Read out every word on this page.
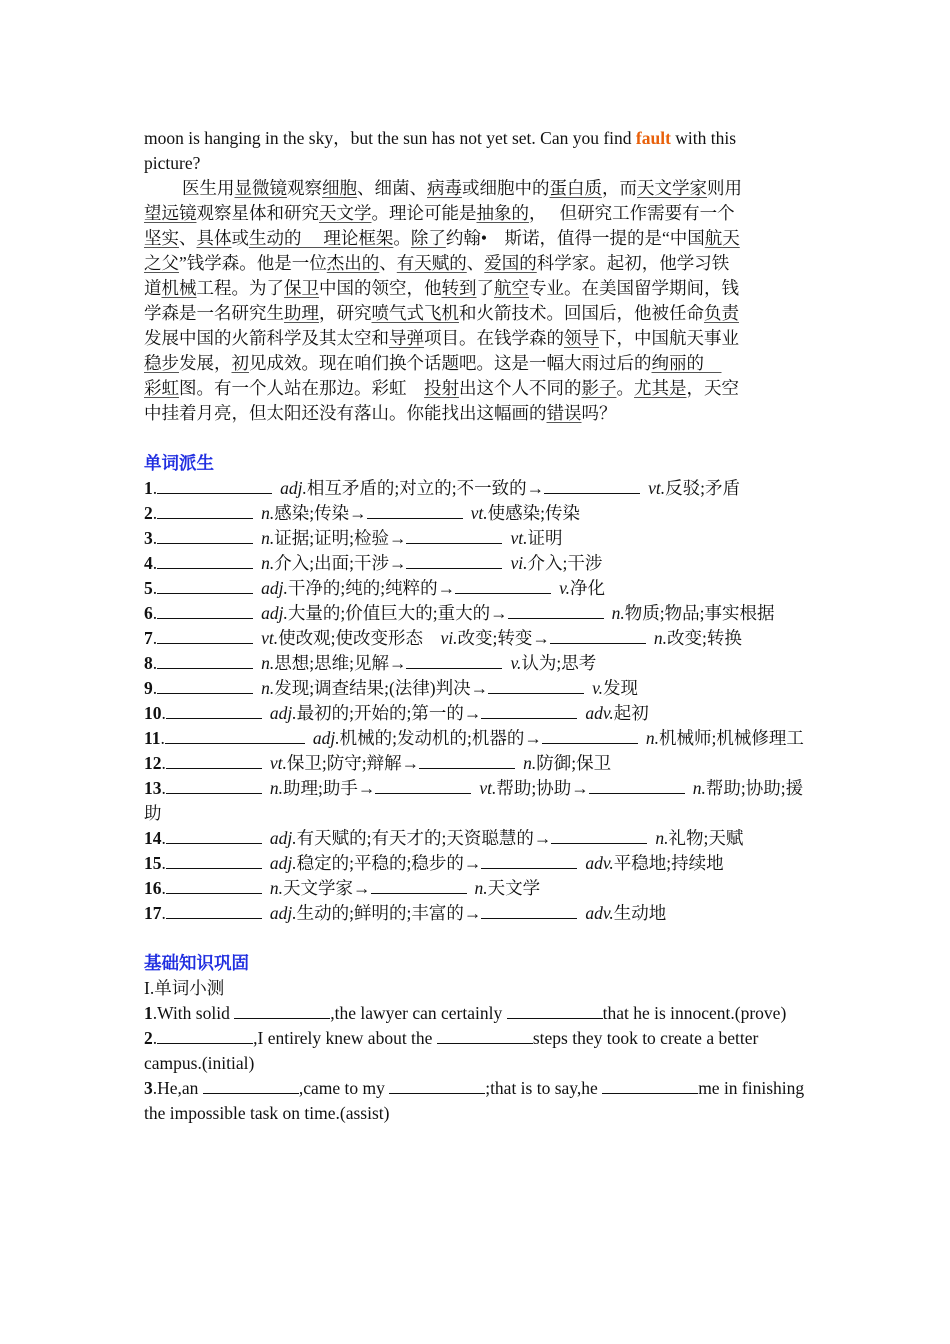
moon is hanging in the sky，but the sun has not yet set. Can you find fault with this
picture?
医生用显微镜观察细胞、细菌、病毒或细胞中的蛋白质，而天文学家则用
望远镜观察星体和研究天文学。理论可能是抽象的，　 但研究工作需要有一个
坚实、具体或生动的　 理论框架。除了约翰•　斯诺，值得一提的是“中国航天
之父”钱学森。他是一位杰出的、有天赋的、爱国的科学家。起初，他学习铁
道机械工程。为了保卫中国的领空，他转到了航空专业。在美国留学期间，钱
学森是一名研究生助理，研究喷气式飞机和火箭技术。回国后，他被任命负责
发展中国的火箭科学及其太空和导弹项目。在钱学森的领导下，中国航天事业
稳步发展，初见成效。现在咱们换个话题吧。这是一幅大雨过后的绚丽的　
彩虹图。有一个人站在那边。彩虹　投射出这个人不同的影子。尤其是，天空
中挂着月亮，但太阳还没有落山。你能找出这幅画的错误吗？
单词派生
1.	adj.相互矛盾的;对立的;不一致的→	vt.反驳;矛盾
2.	n.感染;传染→	vt.使感染;传染
3.	n.证据;证明;检验→	vt.证明
4.	n.介入;出面;干涉→	vi.介入;干涉
5.	adj.干净的;纯的;纯粹的→	v.净化
6.	adj.大量的;价值巨大的;重大的→	n.物质;物品;事实根据
7.	vt.使改观;使改变形态　vi.改变;转变→	n.改变;转换
8.	n.思想;思维;见解→	v.认为;思考
9.	n.发现;调查结果;(法律)判决→	v.发现
10.	adj.最初的;开始的;第一的→	adv.起初
11.	adj.机械的;发动机的;机器的→	n.机械师;机械修理工
12.	vt.保卫;防守;辩解→	n.防御;保卫
13.	n.助理;助手→	vt.帮助;协助→	n.帮助;协助;援助
14.	adj.有天赋的;有天才的;天资聪慧的→	n.礼物;天赋
15.	adj.稳定的;平稳的;稳步的→	adv.平稳地;持续地
16.	n.天文学家→	n.天文学
17.	adj.生动的;鲜明的;丰富的→	adv.生动地
基础知识巩固
I.单词小测
1.With solid	,the lawyer can certainly	that he is innocent.(prove)
2.	,I entirely knew about the	steps they took to create a better campus.(initial)
3.He,an	,came to my	;that is to say,he	me in finishing the impossible task on time.(assist)
